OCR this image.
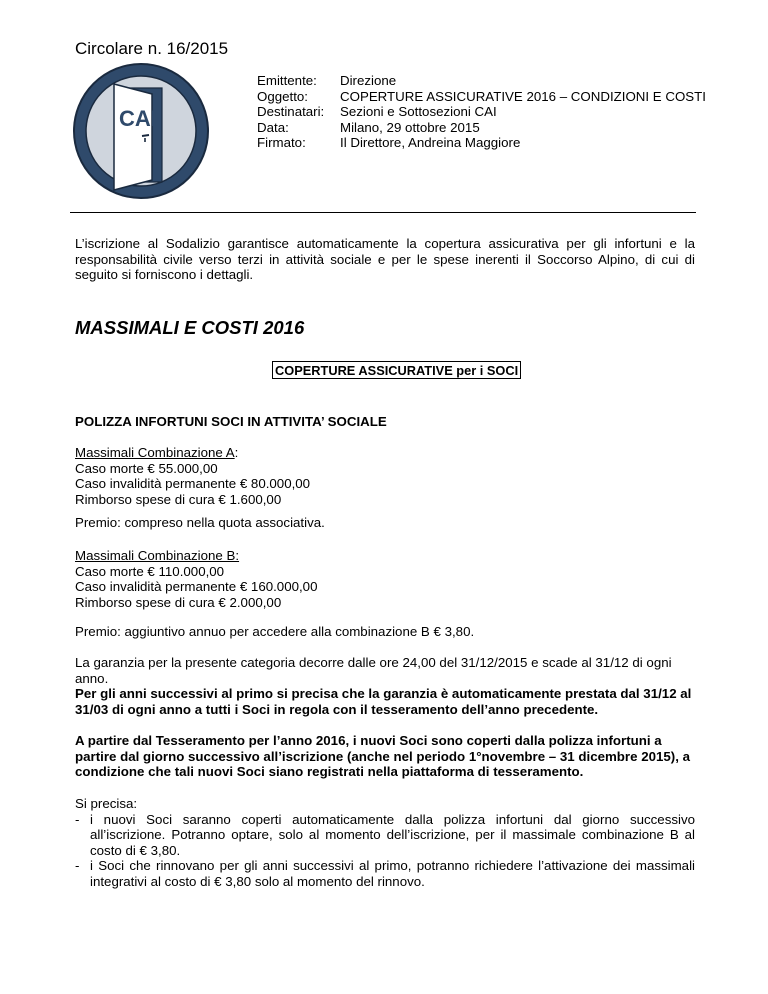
Circolare n. 16/2015
CAI
Emittente:	Direzione
Oggetto:	COPERTURE ASSICURATIVE 2016 – CONDIZIONI E COSTI
Destinatari:	Sezioni e Sottosezioni CAI
Data:	Milano, 29 ottobre 2015
Firmato:	Il Direttore, Andreina Maggiore
L’iscrizione al Sodalizio garantisce automaticamente la copertura assicurativa per gli infortuni e la responsabilità civile verso terzi in attività sociale e per le spese inerenti il Soccorso Alpino, di cui di seguito si forniscono i dettagli.
MASSIMALI E COSTI 2016
COPERTURE ASSICURATIVE per i SOCI
POLIZZA INFORTUNI SOCI IN ATTIVITA’ SOCIALE
Massimali Combinazione A:
Caso morte € 55.000,00
Caso invalidità permanente € 80.000,00
Rimborso spese di cura € 1.600,00
Premio: compreso nella quota associativa.
Massimali Combinazione B:
Caso morte € 110.000,00
Caso invalidità permanente € 160.000,00
Rimborso spese di cura € 2.000,00
Premio: aggiuntivo annuo per accedere alla combinazione B € 3,80.
La garanzia per la presente categoria decorre dalle ore 24,00 del 31/12/2015 e scade al 31/12 di ogni anno.
Per gli anni successivi al primo si precisa che la garanzia è automaticamente prestata dal 31/12 al 31/03 di ogni anno a tutti i Soci in regola con il tesseramento dell’anno precedente.
A partire dal Tesseramento per l’anno 2016, i nuovi Soci sono coperti dalla polizza infortuni a partire dal giorno successivo all’iscrizione (anche nel periodo 1°novembre – 31 dicembre 2015), a condizione che tali nuovi Soci siano registrati nella piattaforma di tesseramento.
Si precisa:
- i nuovi Soci saranno coperti automaticamente dalla polizza infortuni dal giorno successivo all’iscrizione. Potranno optare, solo al momento dell’iscrizione, per il massimale combinazione B al costo di € 3,80.
- i Soci che rinnovano per gli anni successivi al primo, potranno richiedere l’attivazione dei massimali integrativi al costo di € 3,80 solo al momento del rinnovo.
